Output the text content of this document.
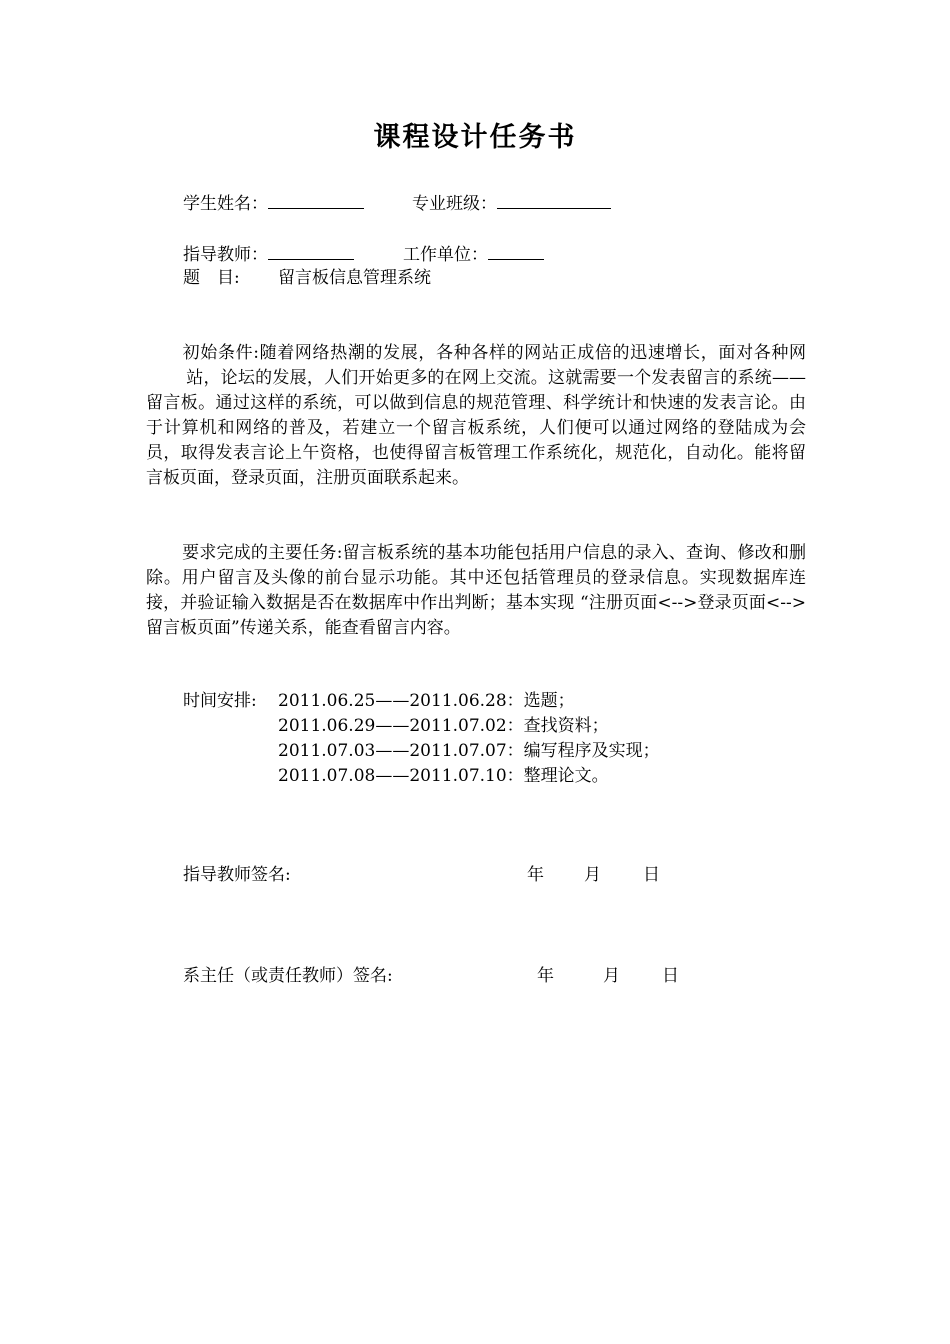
课程设计任务书
学生姓名：	专业班级：
指导教师：	工作单位：
题　目: 留言板信息管理系统

初始条件:随着网络热潮的发展，各种各样的网站正成倍的迅速增长，面对各种网站，论坛的发展，人们开始更多的在网上交流。这就需要一个发表留言的系统——留言板。通过这样的系统，可以做到信息的规范管理、科学统计和快速的发表言论。由于计算机和网络的普及，若建立一个留言板系统，人们便可以通过网络的登陆成为会员，取得发表言论上午资格，也使得留言板管理工作系统化，规范化，自动化。能将留言板页面，登录页面，注册页面联系起来。

要求完成的主要任务:留言板系统的基本功能包括用户信息的录入、查询、修改和删除。用户留言及头像的前台显示功能。其中还包括管理员的登录信息。实现数据库连接，并验证输入数据是否在数据库中作出判断；基本实现 “注册页面<-->登录页面<-->留言板页面”传递关系，能查看留言内容。

时间安排: 2011.06.25——2011.06.28：选题；
2011.06.29——2011.07.02：查找资料；
2011.07.03——2011.07.07：编写程序及实现；
2011.07.08——2011.07.10：整理论文。
指导教师签名:	年 月 日
系主任（或责任教师）签名:	年	月 日
